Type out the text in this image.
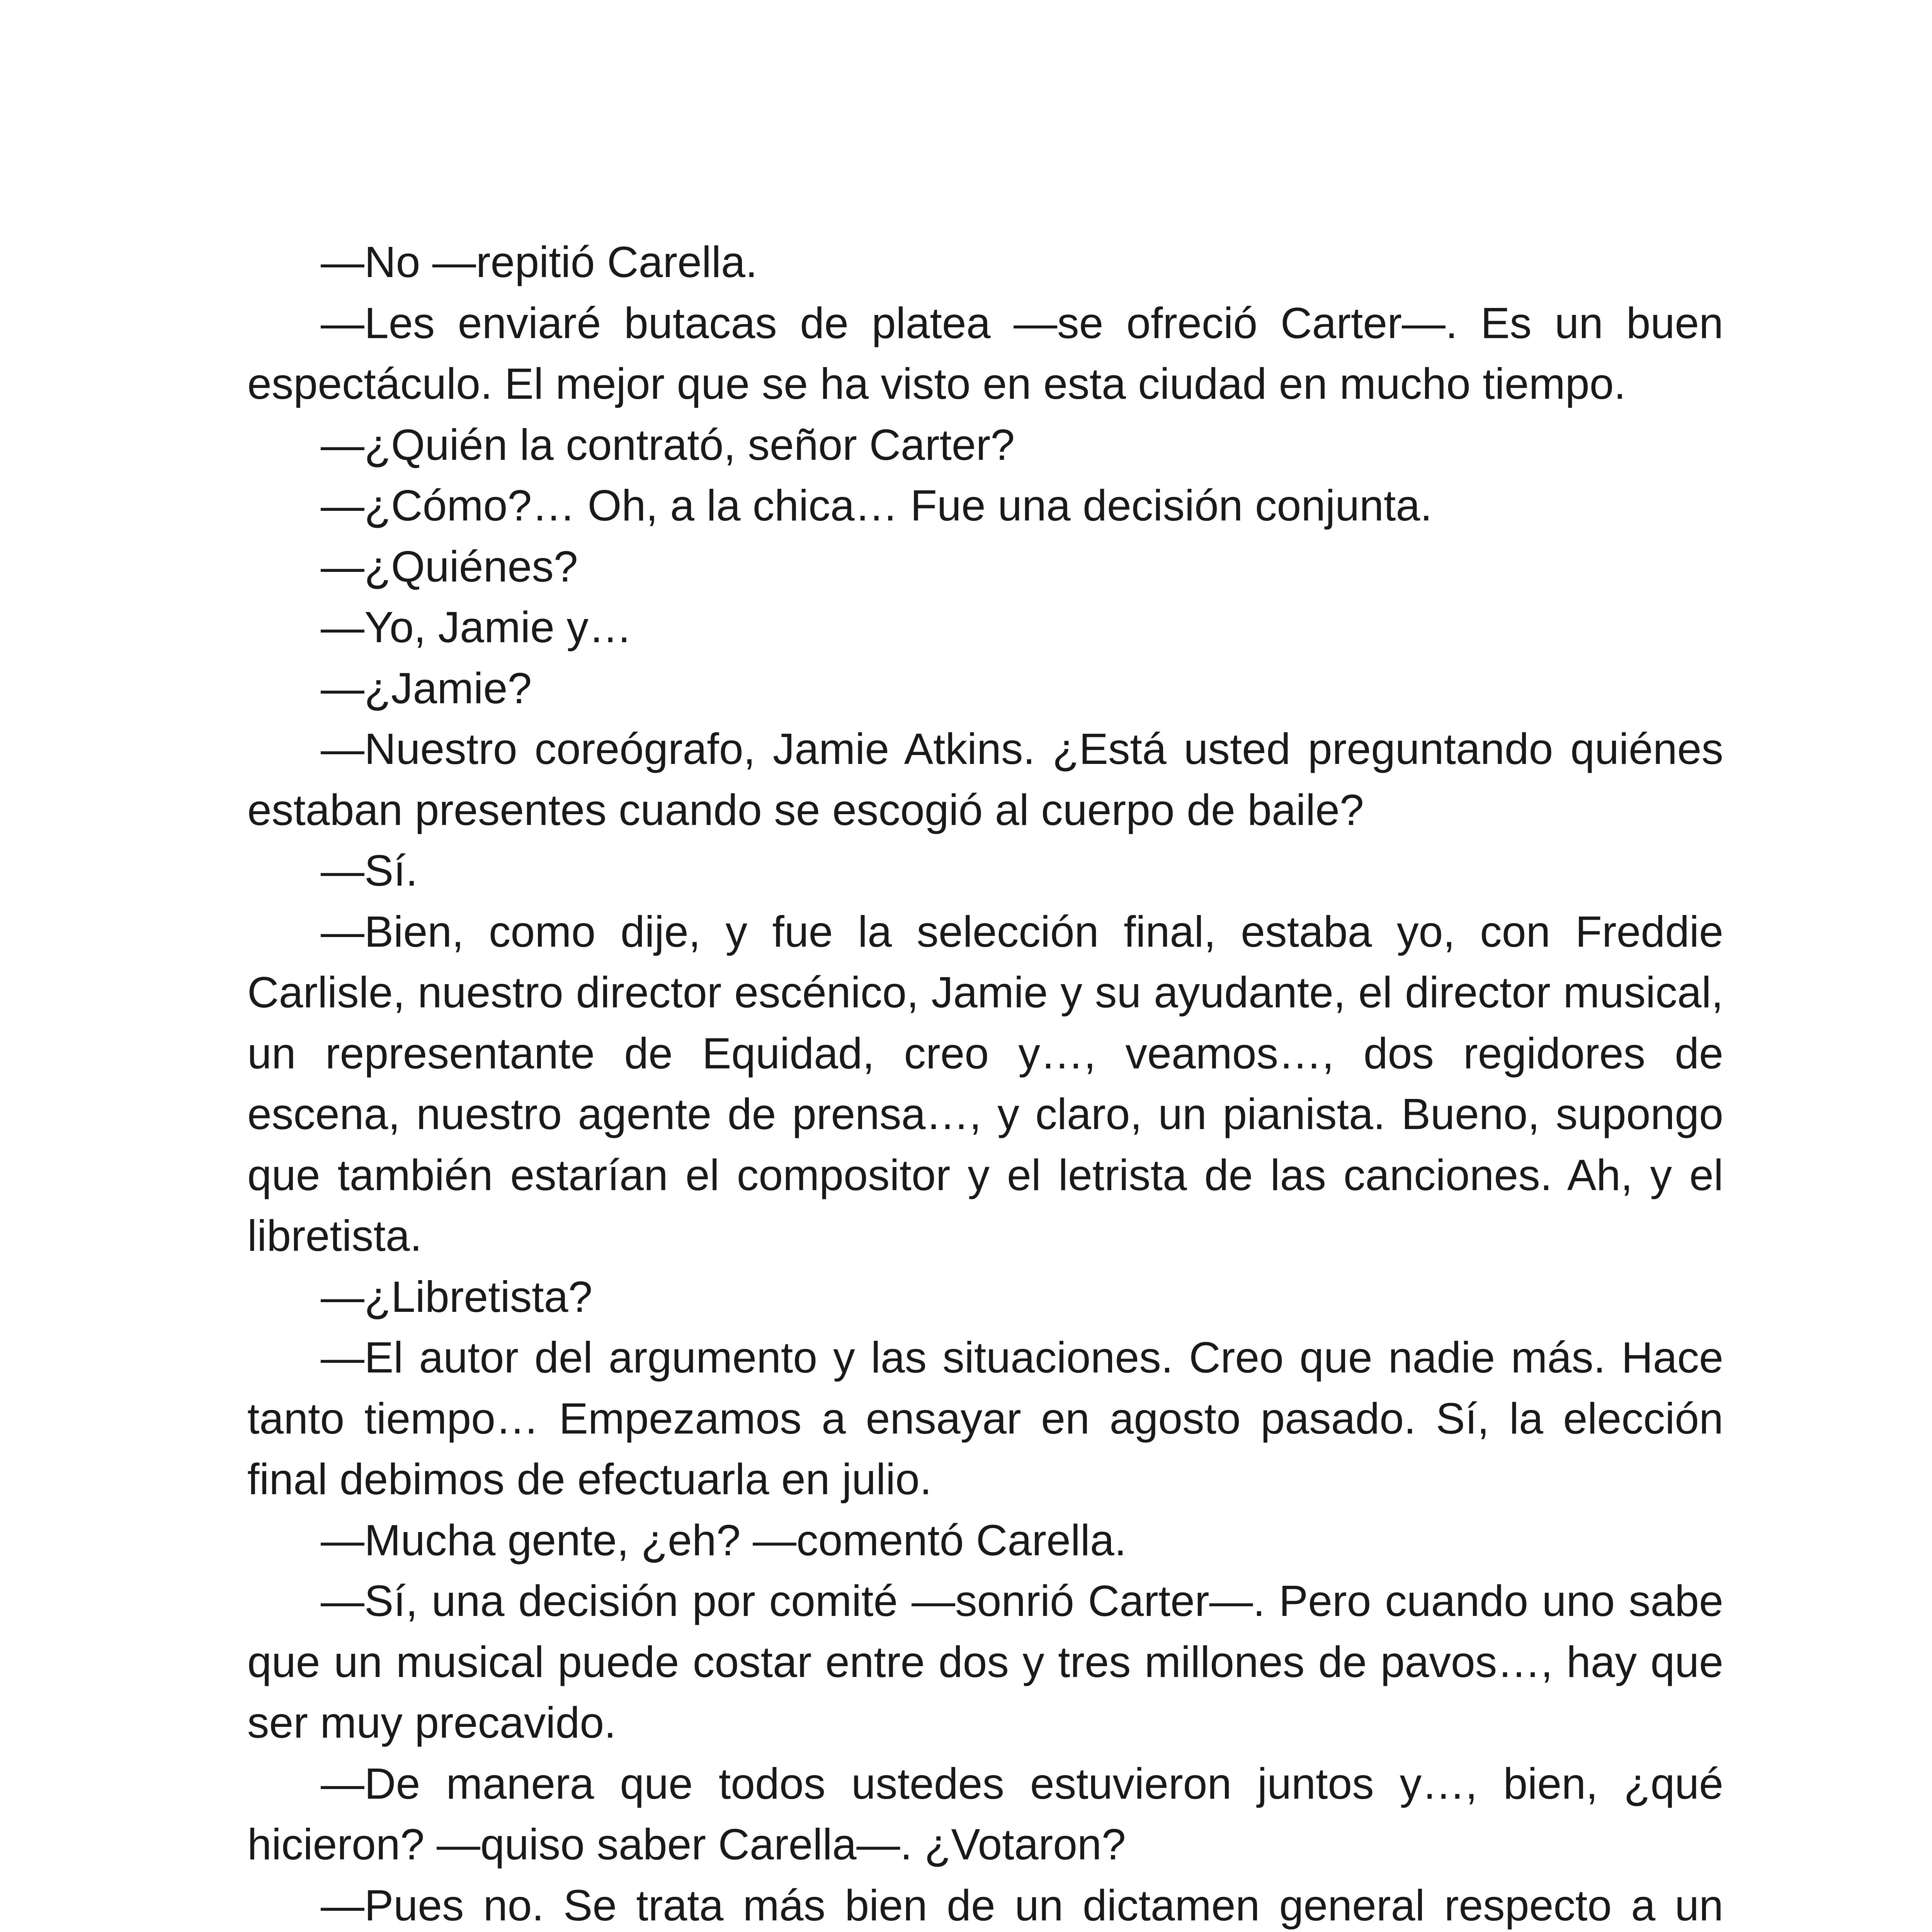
—No —repitió Carella.

—Les enviaré butacas de platea —se ofreció Carter—. Es un buen espectáculo. El mejor que se ha visto en esta ciudad en mucho tiempo.

—¿Quién la contrató, señor Carter?

—¿Cómo?… Oh, a la chica… Fue una decisión conjunta.

—¿Quiénes?

—Yo, Jamie y…

—¿Jamie?

—Nuestro coreógrafo, Jamie Atkins. ¿Está usted preguntando quiénes estaban presentes cuando se escogió al cuerpo de baile?

—Sí.

—Bien, como dije, y fue la selección final, estaba yo, con Freddie Carlisle, nuestro director escénico, Jamie y su ayudante, el director musical, un representante de Equidad, creo y…, veamos…, dos regidores de escena, nuestro agente de prensa…, y claro, un pianista. Bueno, supongo que también estarían el compositor y el letrista de las canciones. Ah, y el libretista.

—¿Libretista?

—El autor del argumento y las situaciones. Creo que nadie más. Hace tanto tiempo… Empezamos a ensayar en agosto pasado. Sí, la elección final debimos de efectuarla en julio.

—Mucha gente, ¿eh? —comentó Carella.

—Sí, una decisión por comité —sonrió Carter—. Pero cuando uno sabe que un musical puede costar entre dos y tres millones de pavos…, hay que ser muy precavido.

—De manera que todos ustedes estuvieron juntos y…, bien, ¿qué hicieron? —quiso saber Carella—. ¿Votaron?

—Pues no. Se trata más bien de un dictamen general respecto a un
